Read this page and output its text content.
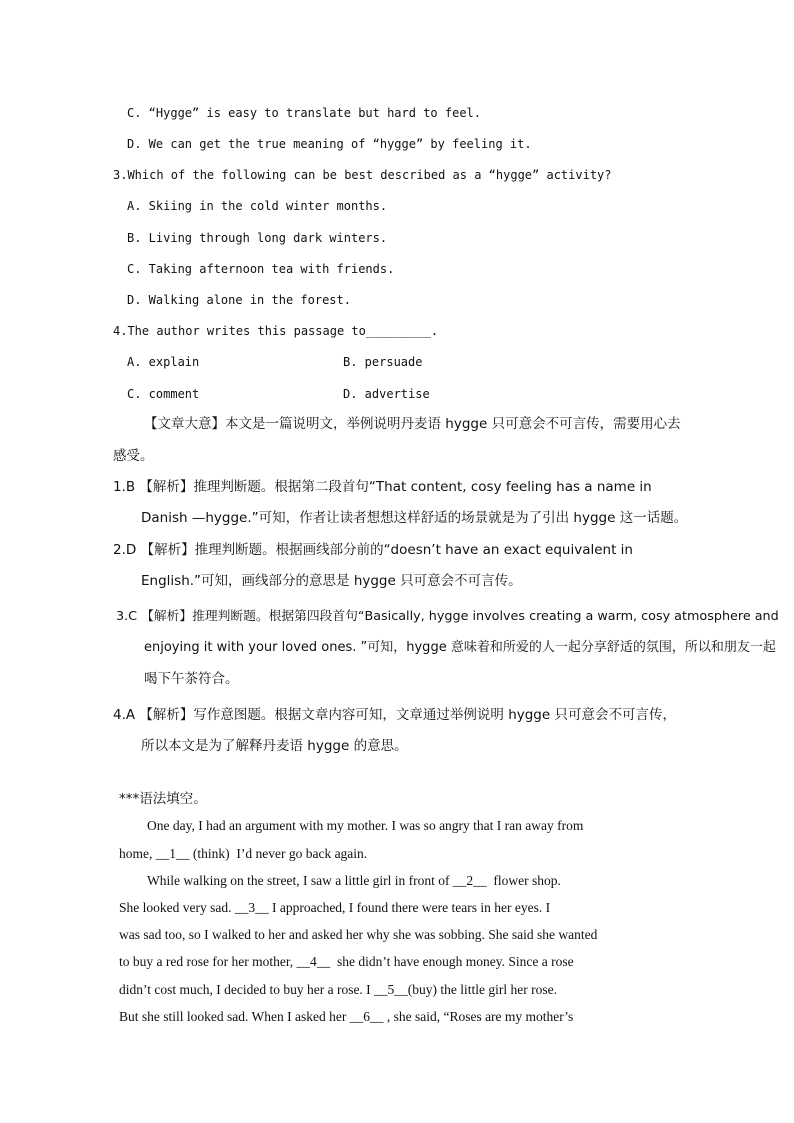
C. “Hygge” is easy to translate but hard to feel.
D. We can get the true meaning of “hygge” by feeling it.
3.Which of the following can be best described as a “hygge” activity?
A. Skiing in the cold winter months.
B. Living through long dark winters.
C. Taking afternoon tea with friends.
D. Walking alone in the forest.
4.The author writes this passage to_________.
A. explain	B. persuade
C. comment	D. advertise
【文章大意】本文是一篇说明文，举例说明丹麦语 hygge 只可意会不可言传，需要用心去
感受。
1.B 【解析】推理判断题。根据第二段首句“That content, cosy feeling has a name in
Danish —hygge.”可知，作者让读者想想这样舒适的场景就是为了引出 hygge 这一话题。
2.D 【解析】推理判断题。根据画线部分前的“doesn’t have an exact equivalent in
English.”可知，画线部分的意思是 hygge 只可意会不可言传。
3.C 【解析】推理判断题。根据第四段首句“Basically, hygge involves creating a warm, cosy atmosphere and
enjoying it with your loved ones. ”可知，hygge 意味着和所爱的人一起分享舒适的氛围，所以和朋友一起
喝下午茶符合。
4.A 【解析】写作意图题。根据文章内容可知，文章通过举例说明 hygge 只可意会不可言传，
所以本文是为了解释丹麦语 hygge 的意思。
***语法填空。
One day, I had an argument with my mother. I was so angry that I ran away from
home, __1__ (think)  I’d never go back again.
While walking on the street, I saw a little girl in front of __2__  flower shop.
She looked very sad. __3__ I approached, I found there were tears in her eyes. I
was sad too, so I walked to her and asked her why she was sobbing. She said she wanted
to buy a red rose for her mother, __4__  she didn’t have enough money. Since a rose
didn’t cost much, I decided to buy her a rose. I __5__(buy) the little girl her rose.
But she still looked sad. When I asked her __6__ , she said, “Roses are my mother’s
